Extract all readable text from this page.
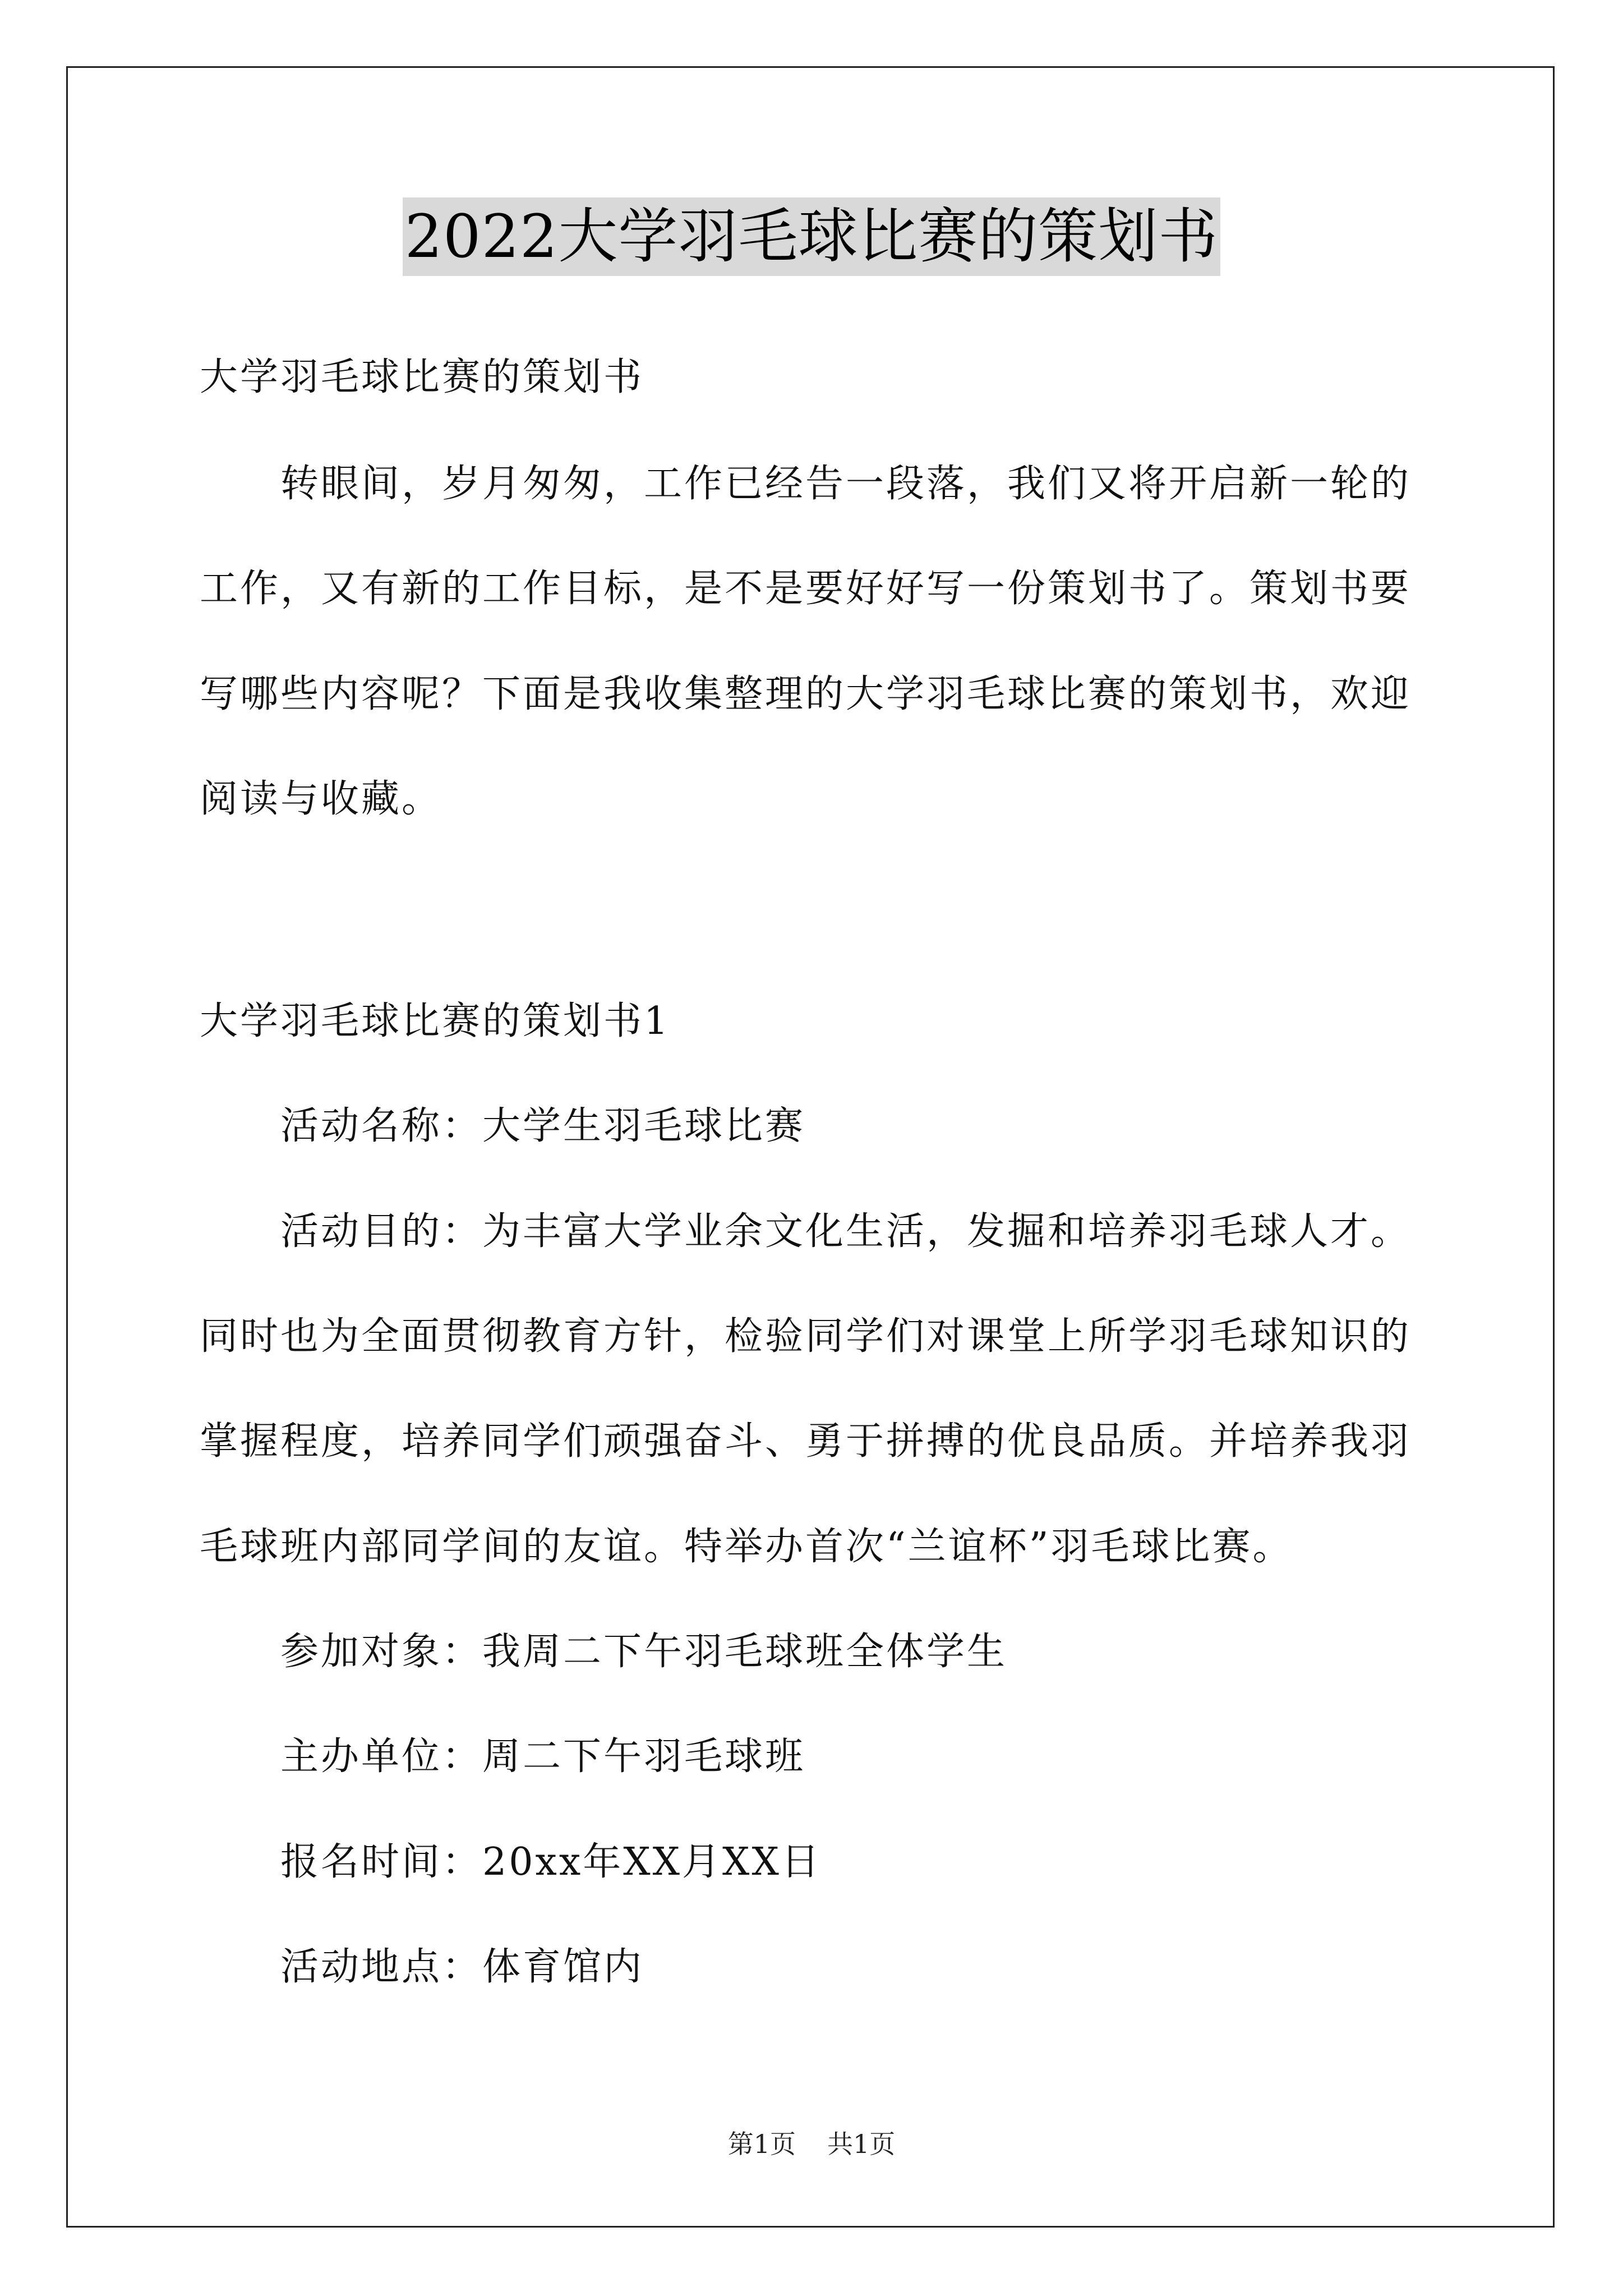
2022大学羽毛球比赛的策划书
大学羽毛球比赛的策划书
转眼间，岁月匆匆，工作已经告一段落，我们又将开启新一轮的
工作，又有新的工作目标，是不是要好好写一份策划书了。策划书要
写哪些内容呢？下面是我收集整理的大学羽毛球比赛的策划书，欢迎
阅读与收藏。
大学羽毛球比赛的策划书1
活动名称：大学生羽毛球比赛
活动目的：为丰富大学业余文化生活，发掘和培养羽毛球人才。
同时也为全面贯彻教育方针，检验同学们对课堂上所学羽毛球知识的
掌握程度，培养同学们顽强奋斗、勇于拼搏的优良品质。并培养我羽
毛球班内部同学间的友谊。特举办首次“兰谊杯”羽毛球比赛。
参加对象：我周二下午羽毛球班全体学生
主办单位：周二下午羽毛球班
报名时间：20xx年XX月XX日
活动地点：体育馆内
第1页 共1页
